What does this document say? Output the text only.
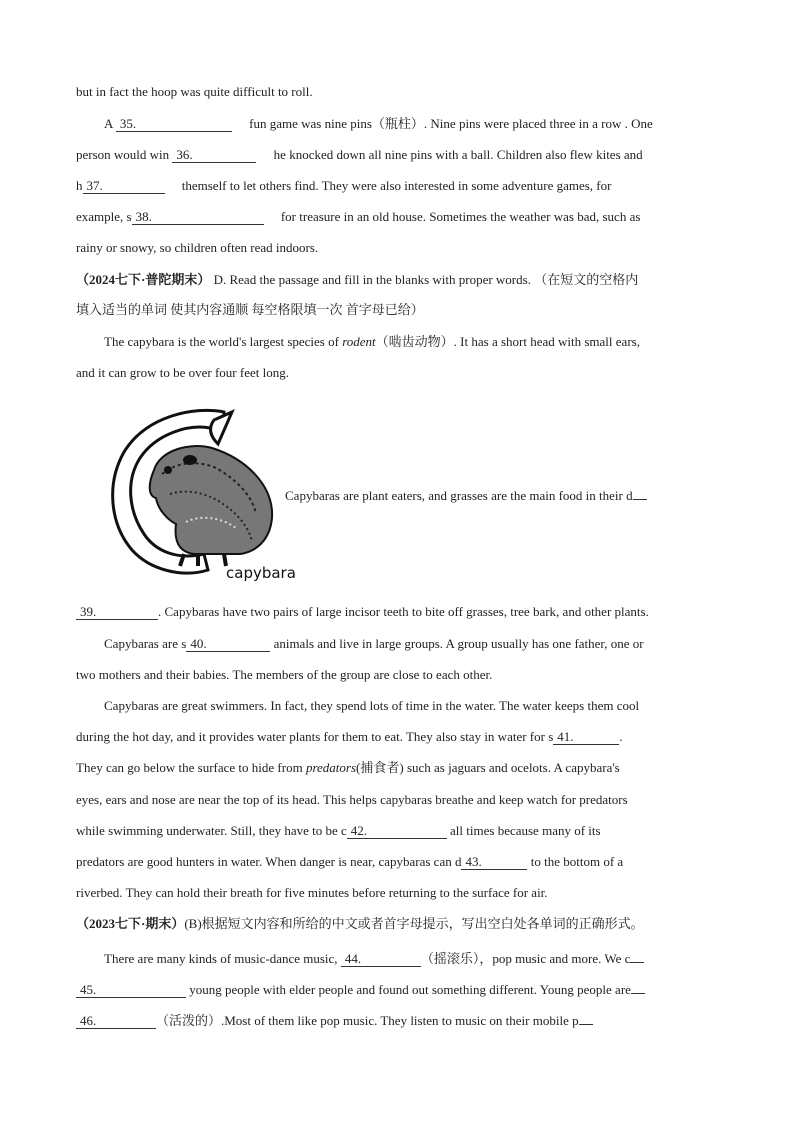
but in fact the hoop was quite difficult to roll.
A 35.	fun game was nine pins（瓶柱）. Nine pins were placed three in a row . One
person would win 36.	he knocked down all nine pins with a ball. Children also flew kites and
h 37.	themself to let others find. They were also interested in some adventure games, for
example, s 38.	for treasure in an old house. Sometimes the weather was bad, such as
rainy or snowy, so children often read indoors.
（2024七下·普陀期末） D. Read the passage and fill in the blanks with proper words. （在短文的空格内
填入适当的单词 使其内容通顺 每空格限填一次 首字母已给）
The capybara is the world's largest species of rodent（啮齿动物）. It has a short head with small ears,
and it can grow to be over four feet long.
capybara
Capybaras are plant eaters, and grasses are the main food in their d
39.	. Capybaras have two pairs of large incisor teeth to bite off grasses, tree bark, and other plants.
Capybaras are s 40.	animals and live in large groups. A group usually has one father, one or
two mothers and their babies. The members of the group are close to each other.
Capybaras are great swimmers. In fact, they spend lots of time in the water. The water keeps them cool
during the hot day, and it provides water plants for them to eat. They also stay in water for s 41.	.
They can go below the surface to hide from predators(捕食者) such as jaguars and ocelots. A capybara's
eyes, ears and nose are near the top of its head. This helps capybaras breathe and keep watch for predators
while swimming underwater. Still, they have to be c 42.	all times because many of its
predators are good hunters in water. When danger is near, capybaras can d 43.	to the bottom of a
riverbed. They can hold their breath for five minutes before returning to the surface for air.
（2023七下·期末）(B)根据短文内容和所给的中文或者首字母提示，写出空白处各单词的正确形式。
There are many kinds of music-dance music, 44.	（摇滚乐），pop music and more. We c
45.	young people with elder people and found out something different. Young people are
46.	（活泼的）.Most of them like pop music. They listen to music on their mobile p
